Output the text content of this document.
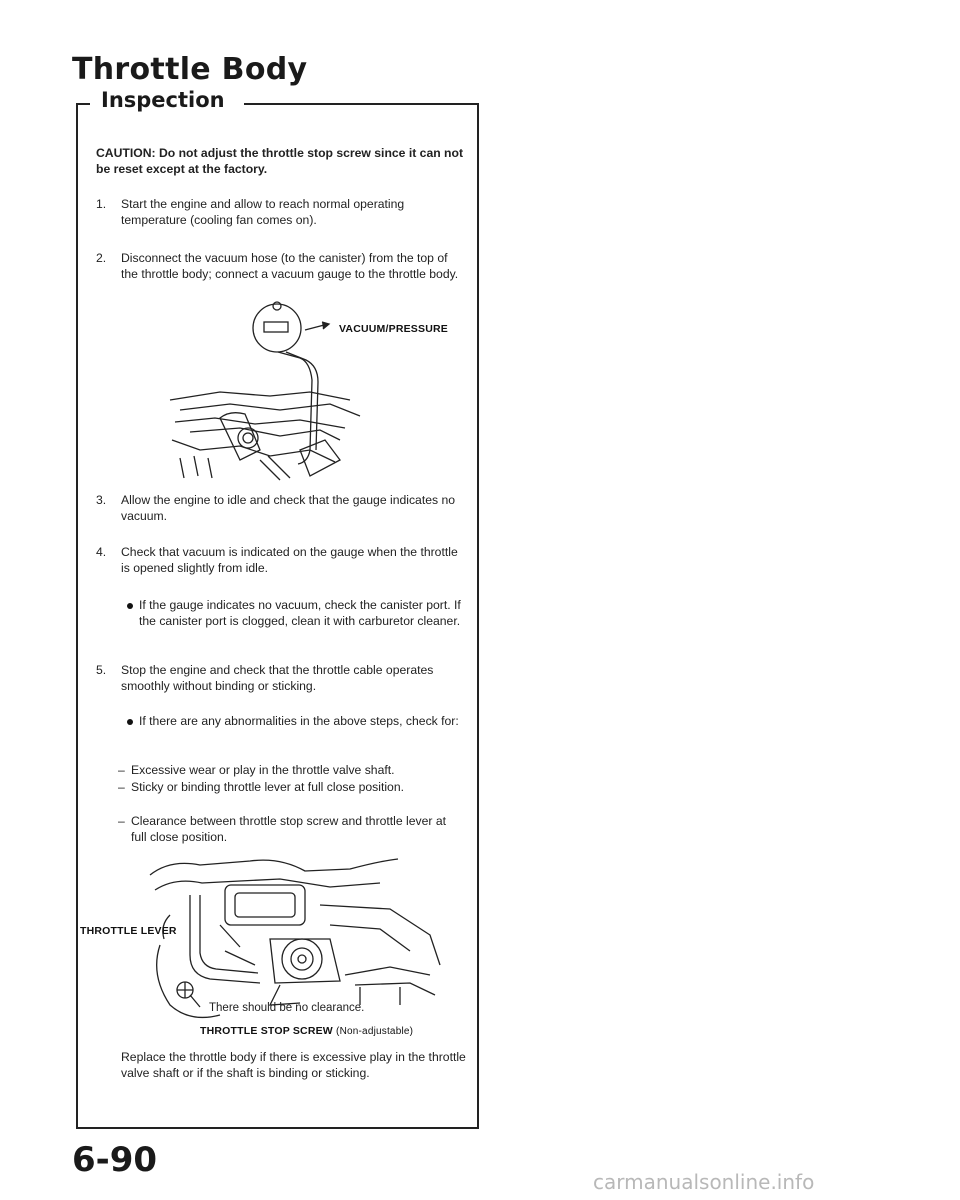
Throttle Body
Inspection
CAUTION: Do not adjust the throttle stop screw since it can not be reset except at the factory.
1.	Start the engine and allow to reach normal operating temperature (cooling fan comes on).
2.	Disconnect the vacuum hose (to the canister) from the top of the throttle body; connect a vacuum gauge to the throttle body.
VACUUM/PRESSURE
3.	Allow the engine to idle and check that the gauge indicates no vacuum.
4.	Check that vacuum is indicated on the gauge when the throttle is opened slightly from idle.
If the gauge indicates no vacuum, check the canister port. If the canister port is clogged, clean it with carburetor cleaner.
5.	Stop the engine and check that the throttle cable operates smoothly without binding or sticking.
If there are any abnormalities in the above steps, check for:
– Excessive wear or play in the throttle valve shaft.
– Sticky or binding throttle lever at full close position.
– Clearance between throttle stop screw and throttle lever at full close position.
THROTTLE LEVER
There should be no clearance.
THROTTLE STOP SCREW (Non-adjustable)
Replace the throttle body if there is excessive play in the throttle valve shaft or if the shaft is binding or sticking.
6-90
carmanualsonline.info
